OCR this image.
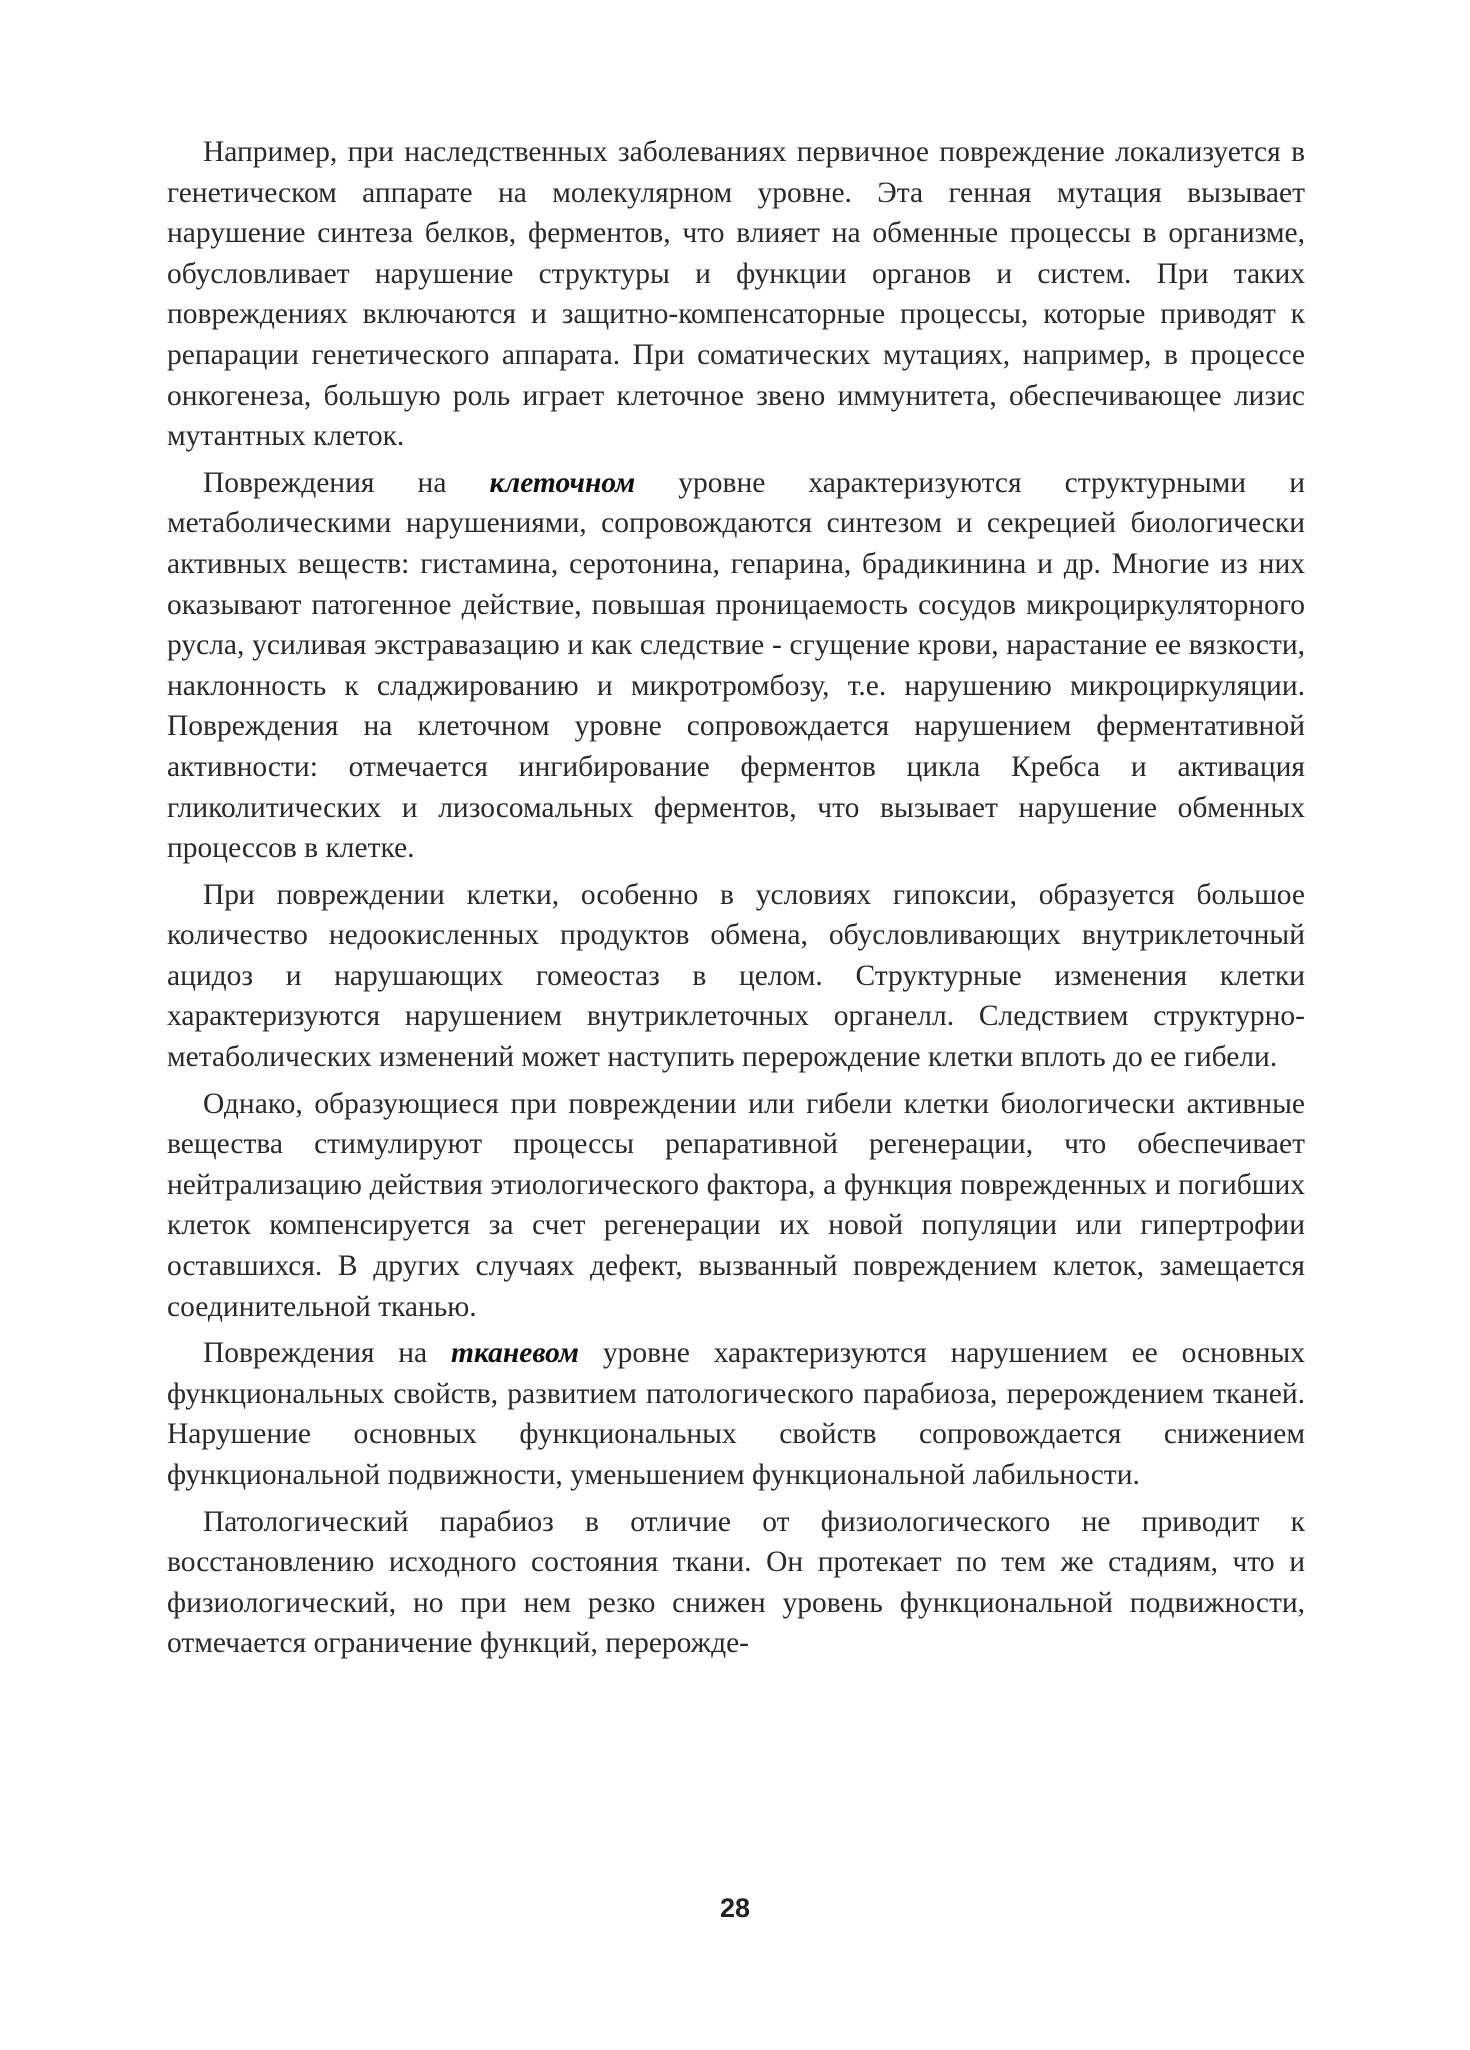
Например, при наследственных заболеваниях первичное повреждение локализуется в генетическом аппарате на молекулярном уровне. Эта генная мутация вызывает нарушение синтеза белков, ферментов, что влияет на обменные процессы в организме, обусловливает нарушение структуры и функции органов и систем. При таких повреждениях включаются и защитно-компенсаторные процессы, которые приводят к репарации генетического аппарата. При соматических мутациях, например, в процессе онкогенеза, большую роль играет клеточное звено иммунитета, обеспечивающее лизис мутантных клеток.

Повреждения на клеточном уровне характеризуются структурными и метаболическими нарушениями, сопровождаются синтезом и секрецией биологически активных веществ: гистамина, серотонина, гепарина, брадикинина и др. Многие из них оказывают патогенное действие, повышая проницаемость сосудов микроциркуляторного русла, усиливая экстравазацию и как следствие - сгущение крови, нарастание ее вязкости, наклонность к сладжированию и микротромбозу, т.е. нарушению микроциркуляции. Повреждения на клеточном уровне сопровождается нарушением ферментативной активности: отмечается ингибирование ферментов цикла Кребса и активация гликолитических и лизосомальных ферментов, что вызывает нарушение обменных процессов в клетке.

При повреждении клетки, особенно в условиях гипоксии, образуется большое количество недоокисленных продуктов обмена, обусловливающих внутриклеточный ацидоз и нарушающих гомеостаз в целом. Структурные изменения клетки характеризуются нарушением внутриклеточных органелл. Следствием структурно-метаболических изменений может наступить перерождение клетки вплоть до ее гибели.

Однако, образующиеся при повреждении или гибели клетки биологически активные вещества стимулируют процессы репаративной регенерации, что обеспечивает нейтрализацию действия этиологического фактора, а функция поврежденных и погибших клеток компенсируется за счет регенерации их новой популяции или гипертрофии оставшихся. В других случаях дефект, вызванный повреждением клеток, замещается соединительной тканью.

Повреждения на тканевом уровне характеризуются нарушением ее основных функциональных свойств, развитием патологического парабиоза, перерождением тканей. Нарушение основных функциональных свойств сопровождается снижением функциональной подвижности, уменьшением функциональной лабильности.

Патологический парабиоз в отличие от физиологического не приводит к восстановлению исходного состояния ткани. Он протекает по тем же стадиям, что и физиологический, но при нем резко снижен уровень функциональной подвижности, отмечается ограничение функций, перерожде-

28
